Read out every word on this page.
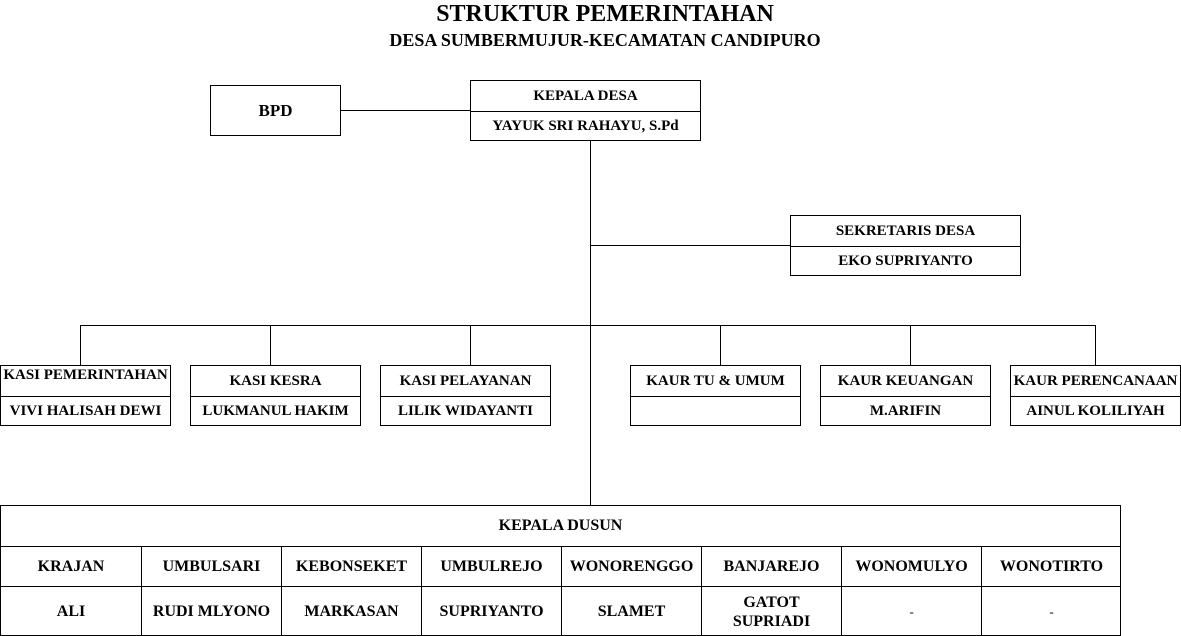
STRUKTUR PEMERINTAHAN
DESA SUMBERMUJUR-KECAMATAN CANDIPURO
BPD
KEPALA DESA
YAYUK SRI RAHAYU, S.Pd
SEKRETARIS DESA
EKO SUPRIYANTO
KASI PEMERINTAHAN
VIVI HALISAH DEWI
KASI KESRA
LUKMANUL HAKIM
KASI PELAYANAN
LILIK WIDAYANTI
KAUR TU & UMUM	KAUR KEUANGAN
M.ARIFIN
KAUR PERENCANAAN
AINUL KOLILIYAH
KEPALA DUSUN
KRAJAN
ALI
UMBULSARI
RUDI MLYONO
KEBONSEKET
MARKASAN
UMBULREJO
SUPRIYANTO
WONORENGGO
SLAMET
BANJAREJO
GATOT SUPRIADI
WONOMULYO
-
WONOTIRTO
-
